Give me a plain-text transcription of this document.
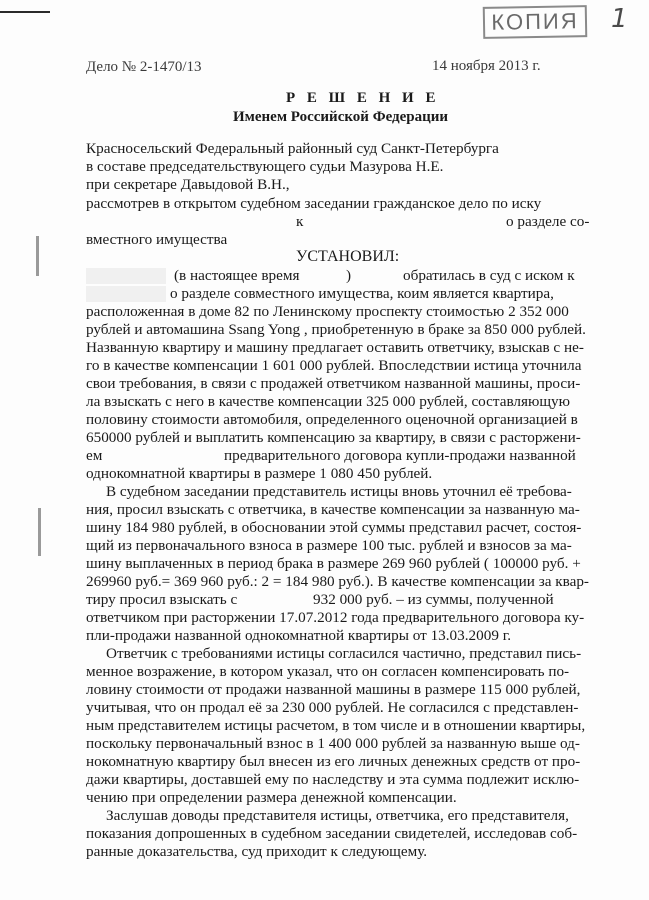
КОПИЯ	1
Дело № 2-1470/13	14 ноября 2013 г.
Р Е Ш Е Н И Е
Именем Российской Федерации
Красносельский Федеральный районный суд Санкт-Петербурга
в составе председательствующего судьи Мазурова Н.Е.
при секретаре Давыдовой В.Н.,
рассмотрев в открытом судебном заседании гражданское дело по иску
к	о разделе со-
вместного имущества
УСТАНОВИЛ:
(в настоящее время	)	обратилась в суд с иском к
о разделе совместного имущества, коим является квартира,
расположенная в доме 82 по Ленинскому проспекту стоимостью 2 352 000
рублей и автомашина Ssang Yong , приобретенную в браке за 850 000 рублей.
Названную квартиру и машину предлагает оставить ответчику, взыскав с не-
го в качестве компенсации 1 601 000 рублей. Впоследствии истица уточнила
свои требования, в связи с продажей ответчиком названной машины, проси-
ла взыскать с него в качестве компенсации 325 000 рублей, составляющую
половину стоимости автомобиля, определенного оценочной организацией в
650000 рублей и выплатить компенсацию за квартиру, в связи с расторжени-
ем	предварительного договора купли-продажи названной
однокомнатной квартиры в размере 1 080 450 рублей.
В судебном заседании представитель истицы вновь уточнил её требова-
ния, просил взыскать с ответчика, в качестве компенсации за названную ма-
шину 184 980 рублей, в обосновании этой суммы представил расчет, состоя-
щий из первоначального взноса в размере 100 тыс. рублей и взносов за ма-
шину выплаченных в период брака в размере 269 960 рублей ( 100000 руб. +
269960 руб.= 369 960 руб.: 2 = 184 980 руб.). В качестве компенсации за квар-
тиру просил взыскать с	932 000 руб. – из суммы, полученной
ответчиком при расторжении 17.07.2012 года предварительного договора ку-
пли-продажи названной однокомнатной квартиры от 13.03.2009 г.
Ответчик с требованиями истицы согласился частично, представил пись-
менное возражение, в котором указал, что он согласен компенсировать по-
ловину стоимости от продажи названной машины в размере 115 000 рублей,
учитывая, что он продал её за 230 000 рублей. Не согласился с представлен-
ным представителем истицы расчетом, в том числе и в отношении квартиры,
поскольку первоначальный взнос в 1 400 000 рублей за названную выше од-
нокомнатную квартиру был внесен из его личных денежных средств от про-
дажи квартиры, доставшей ему по наследству и эта сумма подлежит исклю-
чению при определении размера денежной компенсации.
Заслушав доводы представителя истицы, ответчика, его представителя,
показания допрошенных в судебном заседании свидетелей, исследовав соб-
ранные доказательства, суд приходит к следующему.
